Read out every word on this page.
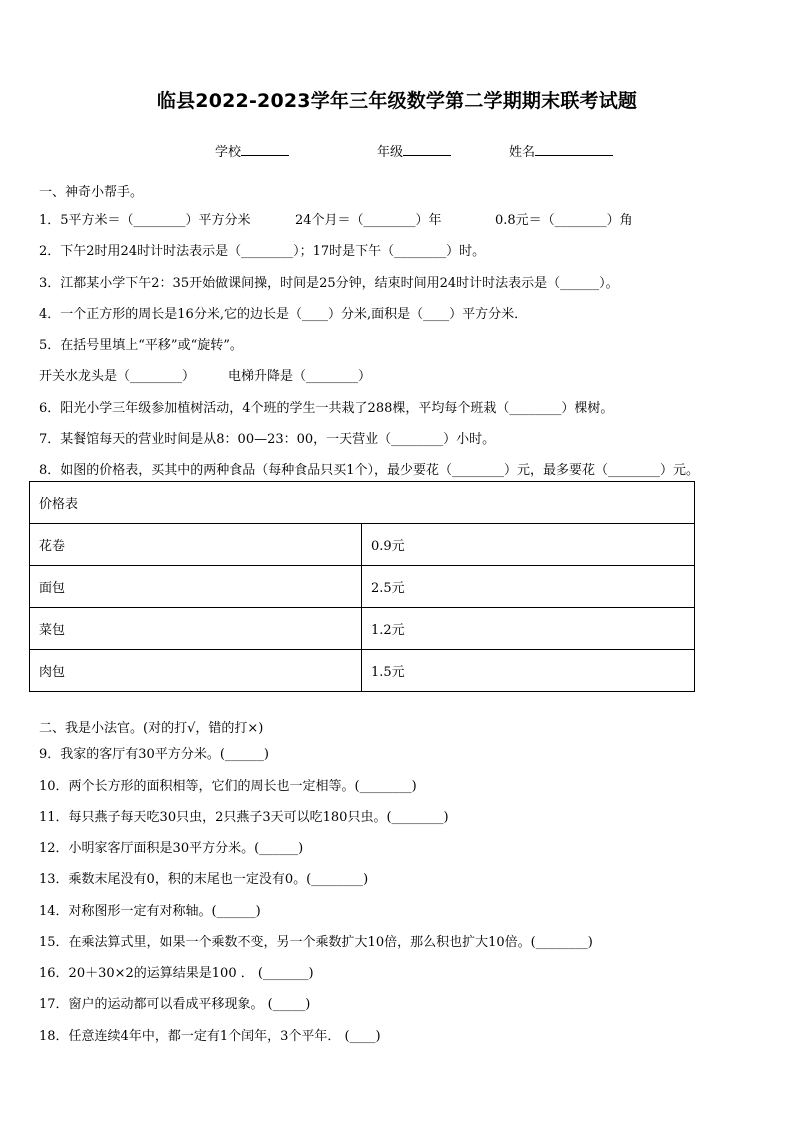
临县2022-2023学年三年级数学第二学期期末联考试题
学校	年级	姓名
一、神奇小帮手。
1．5平方米＝（________）平方分米	24个月＝（________）年	0.8元＝（________）角
2．下午2时用24时计时法表示是（________）；17时是下午（________）时。
3．江都某小学下午2：35开始做课间操，时间是25分钟，结束时间用24时计时法表示是（______）。
4．一个正方形的周长是16分米,它的边长是（____）分米,面积是（____）平方分米．
5．在括号里填上“平移”或“旋转”。
开关水龙头是（________）	电梯升降是（________）
6．阳光小学三年级参加植树活动，4个班的学生一共栽了288棵，平均每个班栽（________）棵树。
7．某餐馆每天的营业时间是从8：00—23：00，一天营业（________）小时。
8．如图的价格表，买其中的两种食品（每种食品只买1个），最少要花（________）元，最多要花（________）元。
价格表	
花卷	0.9元
面包	2.5元
菜包	1.2元
肉包	1.5元
二、我是小法官。(对的打√，错的打×)
9．我家的客厅有30平方分米。(______)
10．两个长方形的面积相等，它们的周长也一定相等。(________)
11．每只燕子每天吃30只虫，2只燕子3天可以吃180只虫。(________)
12．小明家客厅面积是30平方分米。(______)
13．乘数末尾没有0，积的末尾也一定没有0。(________)
14．对称图形一定有对称轴。(______)
15．在乘法算式里，如果一个乘数不变，另一个乘数扩大10倍，那么积也扩大10倍。(________)
16．20＋30×2的运算结果是100 ． (_______)
17．窗户的运动都可以看成平移现象。 (_____)
18．任意连续4年中，都一定有1个闰年，3个平年． (____)
